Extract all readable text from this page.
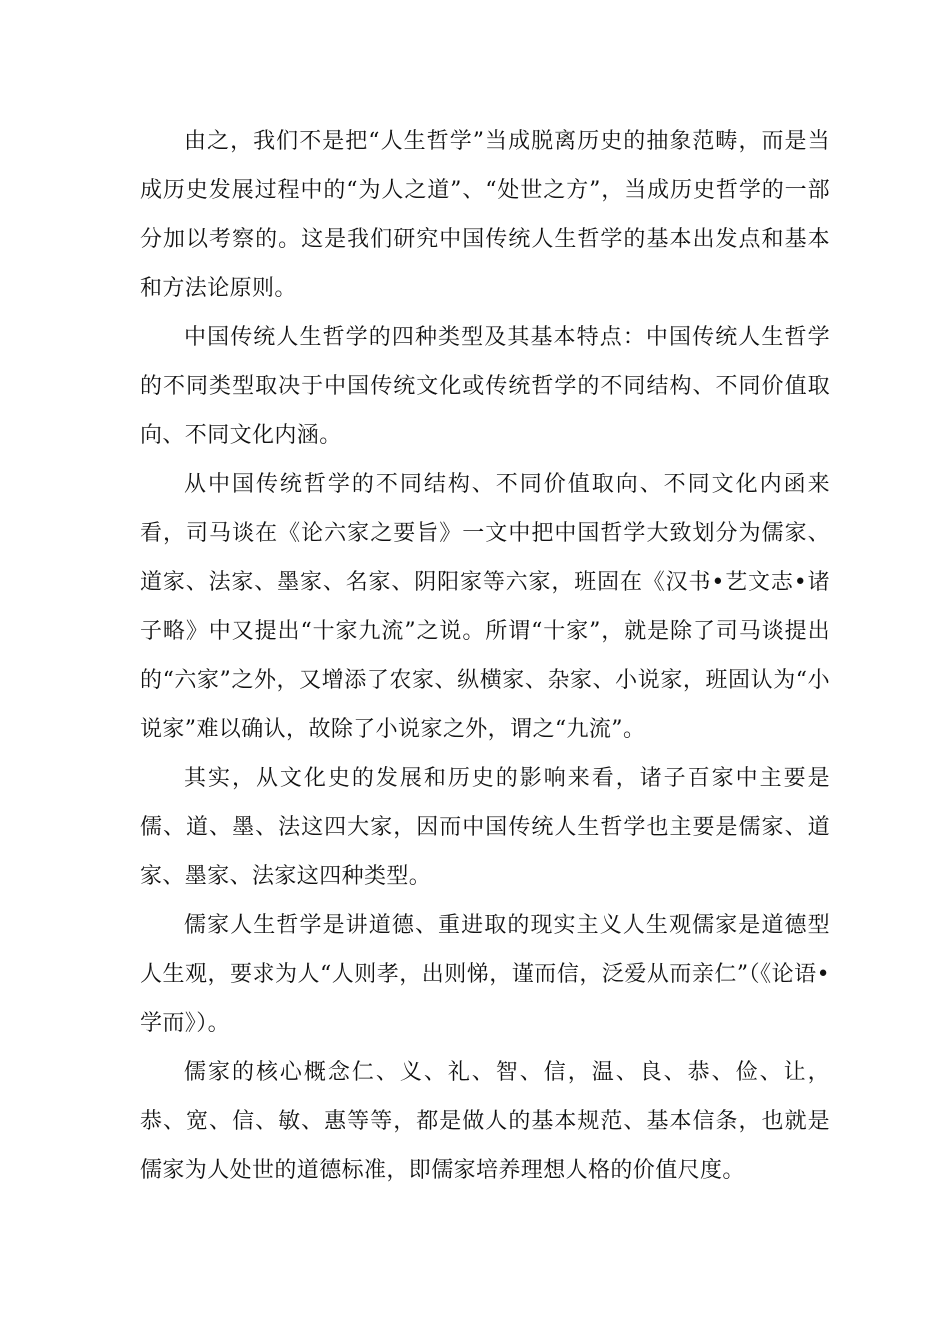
由之，我们不是把“人生哲学”当成脱离历史的抽象范畴，而是当成历史发展过程中的“为人之道”、“处世之方”，当成历史哲学的一部分加以考察的。这是我们研究中国传统人生哲学的基本出发点和基本和方法论原则。

中国传统人生哲学的四种类型及其基本特点：中国传统人生哲学的不同类型取决于中国传统文化或传统哲学的不同结构、不同价值取向、不同文化内涵。

从中国传统哲学的不同结构、不同价值取向、不同文化内函来看，司马谈在《论六家之要旨》一文中把中国哲学大致划分为儒家、道家、法家、墨家、名家、阴阳家等六家，班固在《汉书•艺文志•诸子略》中又提出“十家九流”之说。所谓“十家”，就是除了司马谈提出的“六家”之外，又增添了农家、纵横家、杂家、小说家，班固认为“小说家”难以确认，故除了小说家之外，谓之“九流”。

其实，从文化史的发展和历史的影响来看，诸子百家中主要是儒、道、墨、法这四大家，因而中国传统人生哲学也主要是儒家、道家、墨家、法家这四种类型。

儒家人生哲学是讲道德、重进取的现实主义人生观儒家是道德型人生观，要求为人“人则孝，出则悌，谨而信，泛爱从而亲仁”（《论语•学而》）。

儒家的核心概念仁、义、礼、智、信，温、良、恭、俭、让，恭、宽、信、敏、惠等等，都是做人的基本规范、基本信条，也就是儒家为人处世的道德标准，即儒家培养理想人格的价值尺度。
